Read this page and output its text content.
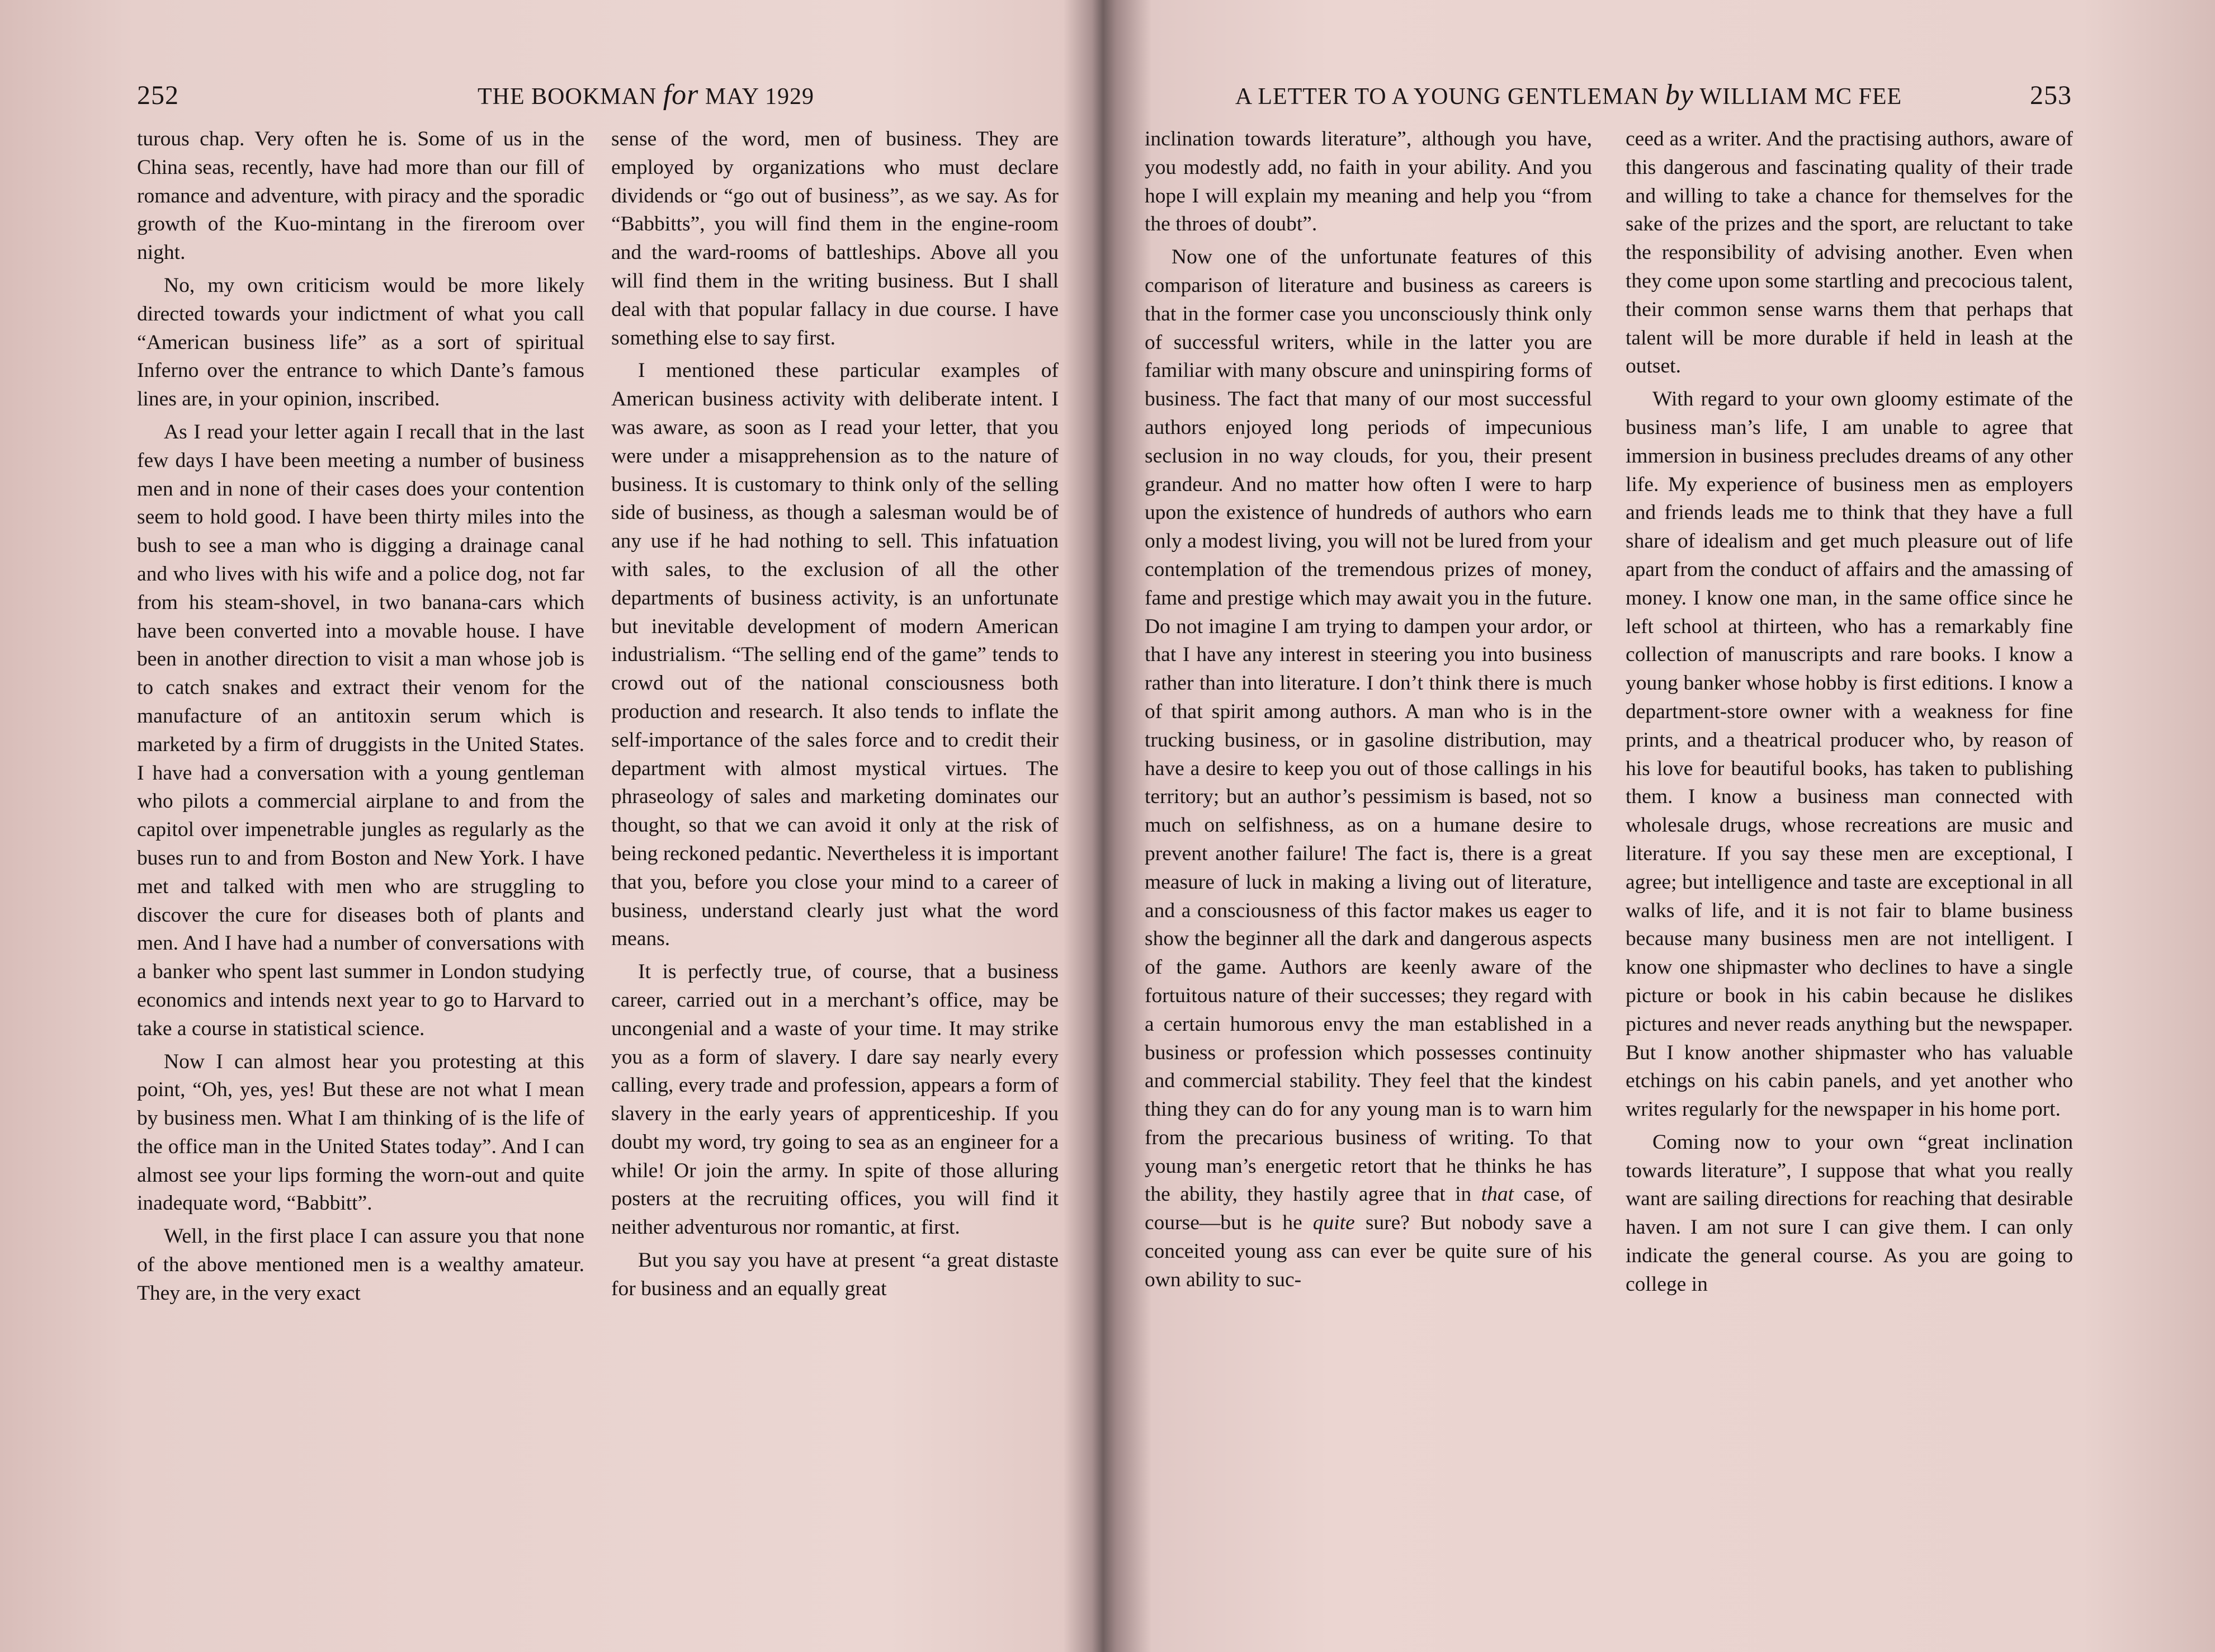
252	THE BOOKMAN for MAY 1929

turous chap. Very often he is. Some of us in the China seas, recently, have had more than our fill of romance and adventure, with piracy and the sporadic growth of the Kuo-mintang in the fireroom over night.

No, my own criticism would be more likely directed towards your indictment of what you call “American business life” as a sort of spiritual Inferno over the entrance to which Dante’s famous lines are, in your opinion, inscribed.

As I read your letter again I recall that in the last few days I have been meeting a number of business men and in none of their cases does your contention seem to hold good. I have been thirty miles into the bush to see a man who is digging a drainage canal and who lives with his wife and a police dog, not far from his steam-shovel, in two banana-cars which have been converted into a movable house. I have been in another direction to visit a man whose job is to catch snakes and extract their venom for the manufacture of an antitoxin serum which is marketed by a firm of druggists in the United States. I have had a conversation with a young gentleman who pilots a commercial airplane to and from the capitol over impenetrable jungles as regularly as the buses run to and from Boston and New York. I have met and talked with men who are struggling to discover the cure for diseases both of plants and men. And I have had a number of conversations with a banker who spent last summer in London studying economics and intends next year to go to Harvard to take a course in statistical science.

Now I can almost hear you protesting at this point, “Oh, yes, yes! But these are not what I mean by business men. What I am thinking of is the life of the office man in the United States today”. And I can almost see your lips forming the worn-out and quite inadequate word, “Babbitt”.

Well, in the first place I can assure you that none of the above mentioned men is a wealthy amateur. They are, in the very exact

sense of the word, men of business. They are employed by organizations who must declare dividends or “go out of business”, as we say. As for “Babbitts”, you will find them in the engine-room and the ward-rooms of battleships. Above all you will find them in the writing business. But I shall deal with that popular fallacy in due course. I have something else to say first.

I mentioned these particular examples of American business activity with deliberate intent. I was aware, as soon as I read your letter, that you were under a misapprehension as to the nature of business. It is customary to think only of the selling side of business, as though a salesman would be of any use if he had nothing to sell. This infatuation with sales, to the exclusion of all the other departments of business activity, is an unfortunate but inevitable development of modern American industrialism. “The selling end of the game” tends to crowd out of the national consciousness both production and research. It also tends to inflate the self-importance of the sales force and to credit their department with almost mystical virtues. The phraseology of sales and marketing dominates our thought, so that we can avoid it only at the risk of being reckoned pedantic. Nevertheless it is important that you, before you close your mind to a career of business, understand clearly just what the word means.

It is perfectly true, of course, that a business career, carried out in a merchant’s office, may be uncongenial and a waste of your time. It may strike you as a form of slavery. I dare say nearly every calling, every trade and profession, appears a form of slavery in the early years of apprenticeship. If you doubt my word, try going to sea as an engineer for a while! Or join the army. In spite of those alluring posters at the recruiting offices, you will find it neither adventurous nor romantic, at first.

But you say you have at present “a great distaste for business and an equally great

A LETTER TO A YOUNG GENTLEMAN by WILLIAM MC FEE	253

inclination towards literature”, although you have, you modestly add, no faith in your ability. And you hope I will explain my meaning and help you “from the throes of doubt”.

Now one of the unfortunate features of this comparison of literature and business as careers is that in the former case you unconsciously think only of successful writers, while in the latter you are familiar with many obscure and uninspiring forms of business. The fact that many of our most successful authors enjoyed long periods of impecunious seclusion in no way clouds, for you, their present grandeur. And no matter how often I were to harp upon the existence of hundreds of authors who earn only a modest living, you will not be lured from your contemplation of the tremendous prizes of money, fame and prestige which may await you in the future. Do not imagine I am trying to dampen your ardor, or that I have any interest in steering you into business rather than into literature. I don’t think there is much of that spirit among authors. A man who is in the trucking business, or in gasoline distribution, may have a desire to keep you out of those callings in his territory; but an author’s pessimism is based, not so much on selfishness, as on a humane desire to prevent another failure! The fact is, there is a great measure of luck in making a living out of literature, and a consciousness of this factor makes us eager to show the beginner all the dark and dangerous aspects of the game. Authors are keenly aware of the fortuitous nature of their successes; they regard with a certain humorous envy the man established in a business or profession which possesses continuity and commercial stability. They feel that the kindest thing they can do for any young man is to warn him from the precarious business of writing. To that young man’s energetic retort that he thinks he has the ability, they hastily agree that in that case, of course—but is he quite sure? But nobody save a conceited young ass can ever be quite sure of his own ability to suc-

ceed as a writer. And the practising authors, aware of this dangerous and fascinating quality of their trade and willing to take a chance for themselves for the sake of the prizes and the sport, are reluctant to take the responsibility of advising another. Even when they come upon some startling and precocious talent, their common sense warns them that perhaps that talent will be more durable if held in leash at the outset.

With regard to your own gloomy estimate of the business man’s life, I am unable to agree that immersion in business precludes dreams of any other life. My experience of business men as employers and friends leads me to think that they have a full share of idealism and get much pleasure out of life apart from the conduct of affairs and the amassing of money. I know one man, in the same office since he left school at thirteen, who has a remarkably fine collection of manuscripts and rare books. I know a young banker whose hobby is first editions. I know a department-store owner with a weakness for fine prints, and a theatrical producer who, by reason of his love for beautiful books, has taken to publishing them. I know a business man connected with wholesale drugs, whose recreations are music and literature. If you say these men are exceptional, I agree; but intelligence and taste are exceptional in all walks of life, and it is not fair to blame business because many business men are not intelligent. I know one shipmaster who declines to have a single picture or book in his cabin because he dislikes pictures and never reads anything but the newspaper. But I know another shipmaster who has valuable etchings on his cabin panels, and yet another who writes regularly for the newspaper in his home port.

Coming now to your own “great inclination towards literature”, I suppose that what you really want are sailing directions for reaching that desirable haven. I am not sure I can give them. I can only indicate the general course. As you are going to college in
